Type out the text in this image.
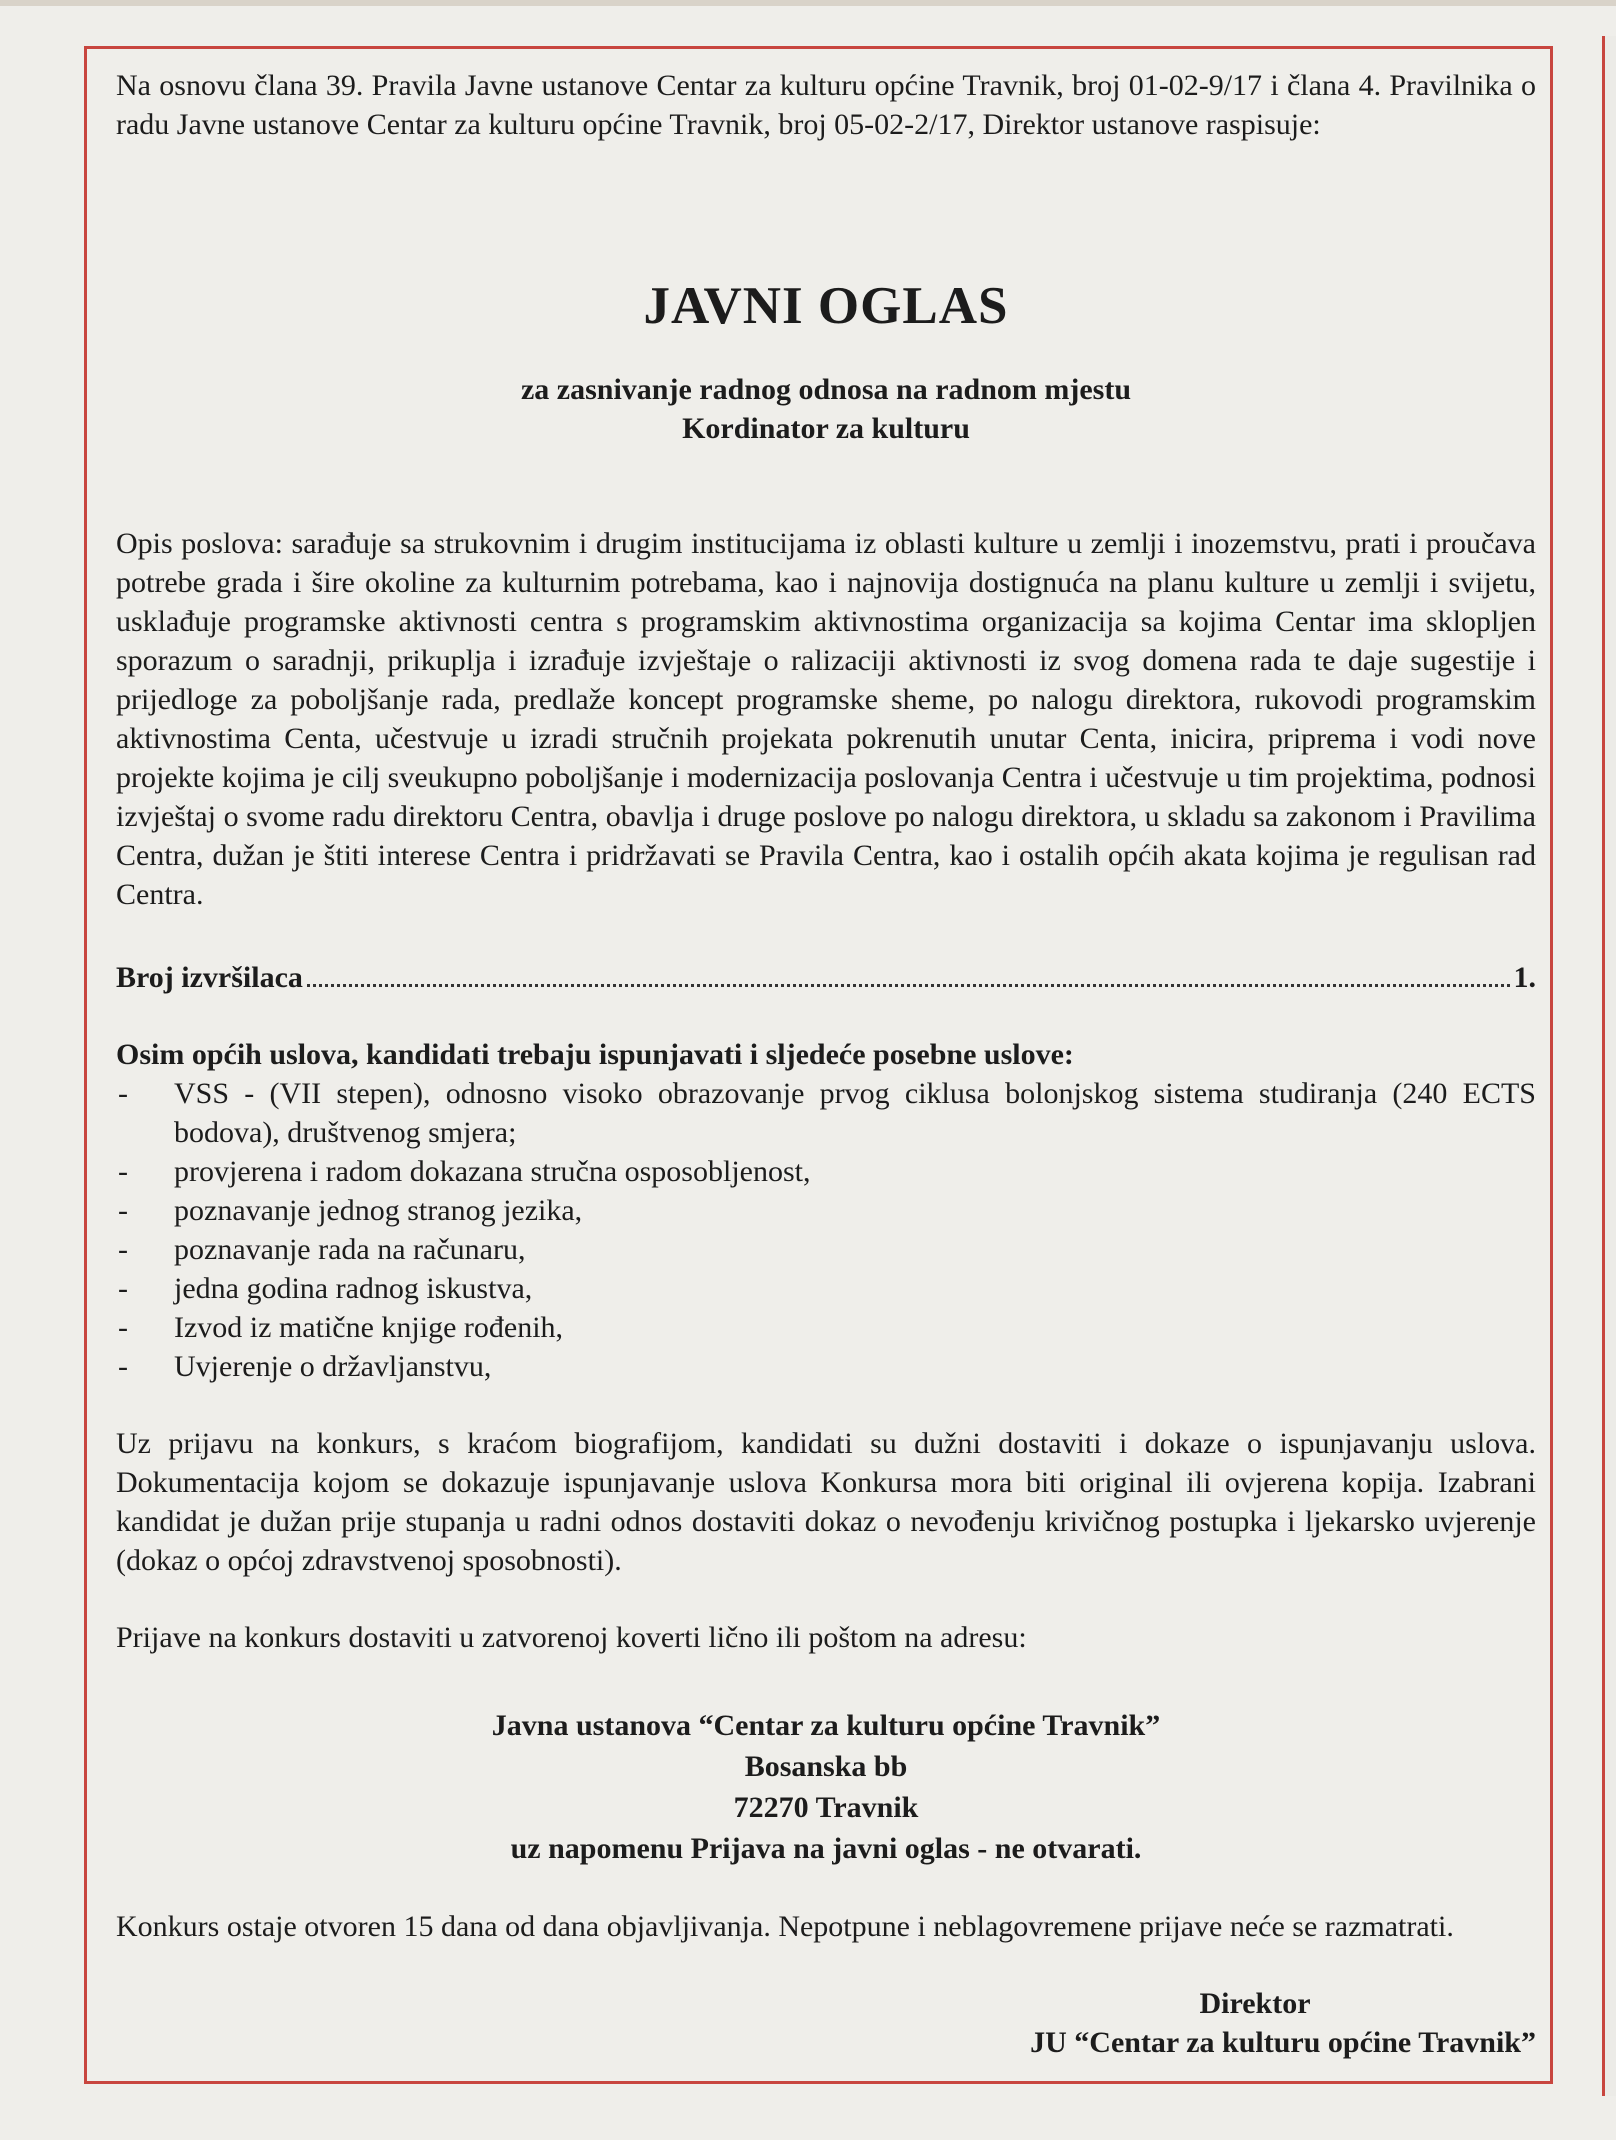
Na osnovu člana 39. Pravila Javne ustanove Centar za kulturu općine Travnik, broj 01-02-9/17 i člana 4. Pravilnika o radu Javne ustanove Centar za kulturu općine Travnik, broj 05-02-2/17, Direktor ustanove raspisuje:

JAVNI OGLAS
za zasnivanje radnog odnosa na radnom mjestu
Kordinator za kulturu

Opis poslova: sarađuje sa strukovnim i drugim institucijama iz oblasti kulture u zemlji i inozemstvu, prati i proučava potrebe grada i šire okoline za kulturnim potrebama, kao i najnovija dostignuća na planu kulture u zemlji i svijetu, usklađuje programske aktivnosti centra s programskim aktivnostima organizacija sa kojima Centar ima sklopljen sporazum o saradnji, prikuplja i izrađuje izvještaje o ralizaciji aktivnosti iz svog domena rada te daje sugestije i prijedloge za poboljšanje rada, predlaže koncept programske sheme, po nalogu direktora, rukovodi programskim aktivnostima Centa, učestvuje u izradi stručnih projekata pokrenutih unutar Centa, inicira, priprema i vodi nove projekte kojima je cilj sveukupno poboljšanje i modernizacija poslovanja Centra i učestvuje u tim projektima, podnosi izvještaj o svome radu direktoru Centra, obavlja i druge poslove po nalogu direktora, u skladu sa zakonom i Pravilima Centra, dužan je štiti interese Centra i pridržavati se Pravila Centra, kao i ostalih općih akata kojima je regulisan rad Centra.

Broj izvršilaca	1.

Osim općih uslova, kandidati trebaju ispunjavati i sljedeće posebne uslove:

-	VSS - (VII stepen), odnosno visoko obrazovanje prvog ciklusa bolonjskog sistema studiranja (240 ECTS bodova), društvenog smjera;
-	provjerena i radom dokazana stručna osposobljenost,
-	poznavanje jednog stranog jezika,
-	poznavanje rada na računaru,
-	jedna godina radnog iskustva,
-	Izvod iz matične knjige rođenih,
-	Uvjerenje o državljanstvu,

Uz prijavu na konkurs, s kraćom biografijom, kandidati su dužni dostaviti i dokaze o ispunjavanju uslova. Dokumentacija kojom se dokazuje ispunjavanje uslova Konkursa mora biti original ili ovjerena kopija. Izabrani kandidat je dužan prije stupanja u radni odnos dostaviti dokaz o nevođenju krivičnog postupka i ljekarsko uvjerenje (dokaz o općoj zdravstvenoj sposobnosti).

Prijave na konkurs dostaviti u zatvorenoj koverti lično ili poštom na adresu:

Javna ustanova “Centar za kulturu općine Travnik”
Bosanska bb
72270 Travnik
uz napomenu Prijava na javni oglas - ne otvarati.

Konkurs ostaje otvoren 15 dana od dana objavljivanja. Nepotpune i neblagovremene prijave neće se razmatrati.

Direktor
JU “Centar za kulturu općine Travnik”
